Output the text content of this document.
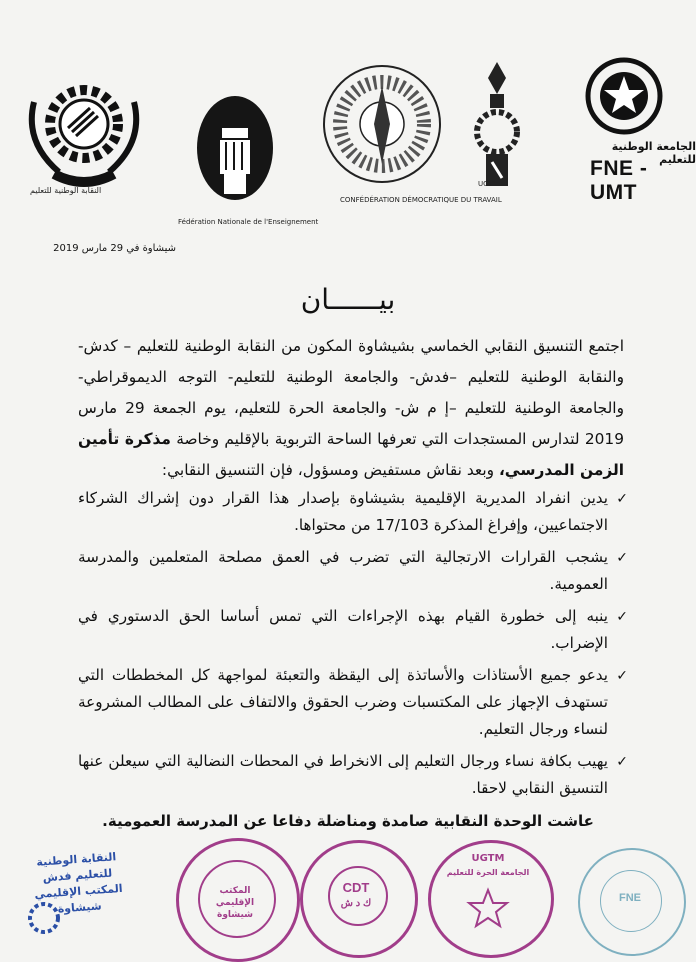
النقابة الوطنية للتعليم
Fédération Nationale de l'Enseignement
CONFÉDÉRATION DÉMOCRATIQUE DU TRAVAIL
UGTM
الجامعة الوطنية للتعليم
FNE - UMT
شيشاوة في 29 مارس 2019
بيــــــان
اجتمع التنسيق النقابي الخماسي بشيشاوة المكون من النقابة الوطنية للتعليم – كدش- والنقابة الوطنية للتعليم –فدش- والجامعة الوطنية للتعليم- التوجه الديموقراطي- والجامعة الوطنية للتعليم –إ م ش- والجامعة الحرة للتعليم، يوم الجمعة 29 مارس 2019 لتدارس المستجدات التي تعرفها الساحة التربوية بالإقليم وخاصة مذكرة تأمين الزمن المدرسي، وبعد نقاش مستفيض ومسؤول، فإن التنسيق النقابي:
✓
يدين انفراد المديرية الإقليمية بشيشاوة بإصدار هذا القرار دون إشراك الشركاء الاجتماعيين، وإفراغ المذكرة 17/103 من محتواها.
✓
يشجب القرارات الارتجالية التي تضرب في العمق مصلحة المتعلمين والمدرسة العمومية.
✓
ينبه إلى خطورة القيام بهذه الإجراءات التي تمس أساسا الحق الدستوري في الإضراب.
✓
يدعو جميع الأستاذات والأساتذة إلى اليقظة والتعبئة لمواجهة كل المخططات التي تستهدف الإجهاز على المكتسبات وضرب الحقوق والالتفاف على المطالب المشروعة لنساء ورجال التعليم.
✓
يهيب بكافة نساء ورجال التعليم إلى الانخراط في المحطات النضالية التي سيعلن عنها التنسيق النقابي لاحقا.
عاشت الوحدة النقابية صامدة ومناضلة دفاعا عن المدرسة العمومية.
النقابة الوطنية للتعليم فدش
المكتب الإقليمي
شيشاوة
المكتب الإقليمي
شيشاوة
CDT
ك د ش
UGTM
الجامعة الحرة للتعليم
FNE
